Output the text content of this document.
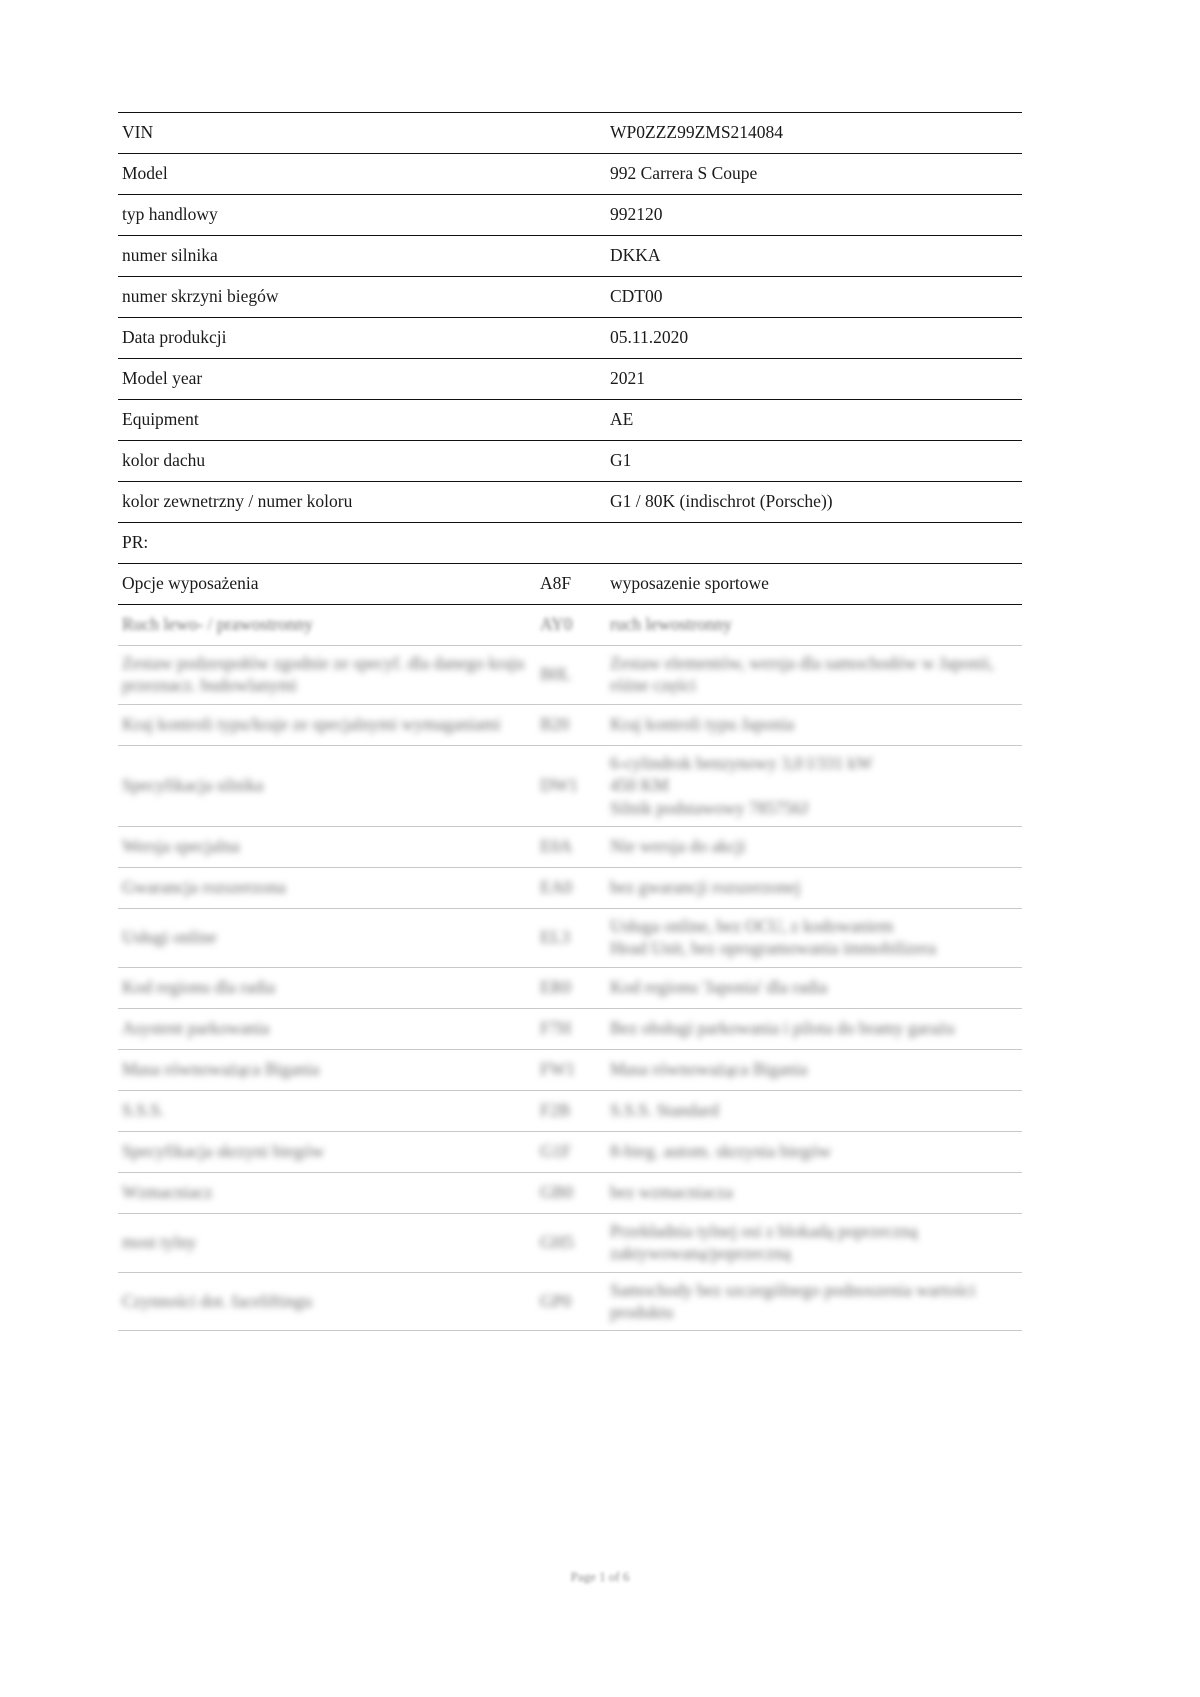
VIN		WP0ZZZ99ZMS214084
Model		992 Carrera S Coupe
typ handlowy		992120
numer silnika		DKKA
numer skrzyni biegów		CDT00
Data produkcji		05.11.2020
Model year		2021
Equipment		AE
kolor dachu		G1
kolor zewnetrzny / numer koloru		G1 / 80K (indischrot (Porsche))
PR:		
Opcje wyposażenia	A8F	wyposazenie sportowe
Ruch lewo- / prawostronny	AY0	ruch lewostronny
Zestaw podzespołów zgodnie ze specyf. dla danego kraju przeznacz. budowlanymi	B0L	Zestaw elementów, wersja dla samochodów w Japonii,
różne części

Kraj kontroli typu/kraje ze specjalnymi wymaganiami	B20	Kraj kontroli typu Japonia
Specyfikacja silnika	DW1	6-cylindrok benzynowy 3,0 l/331 kW
450 KM
Silnik podstawowy 785756J

Wersja specjalna	E0A	Nie wersja do akcji
Gwarancja rozszerzona	EA0	bez gwarancji rozszerzonej
Usługi online	EL3	Usługa online, bez OCU, z kodowaniem
Head Unit, bez oprogramowania immobilizera

Kod regionu dla radia	ER0	Kod regionu 'Japonia' dla radia
Asystent parkowania	F7H	Bez obsługi parkowania i pilota do bramy garażu
Masa równoważąca Bigania	FW1	Masa równoważąca Bigania
S.S.S.	F2B	S.S.S. Standard
Specyfikacja skrzyni biegów	G1F	8-bieg. autom. skrzynia biegów
Wzmacniacz	GB0	bez wzmacniacza
most tylny	GH5	Przekładnia tylnej osi z blokadą poprzeczną zaktywowaną/poprzeczną
Czynności dot. faceliftingu	GP0	Samochody bez szczególnego podnoszenia wartości produktu
Page 1 of 6
